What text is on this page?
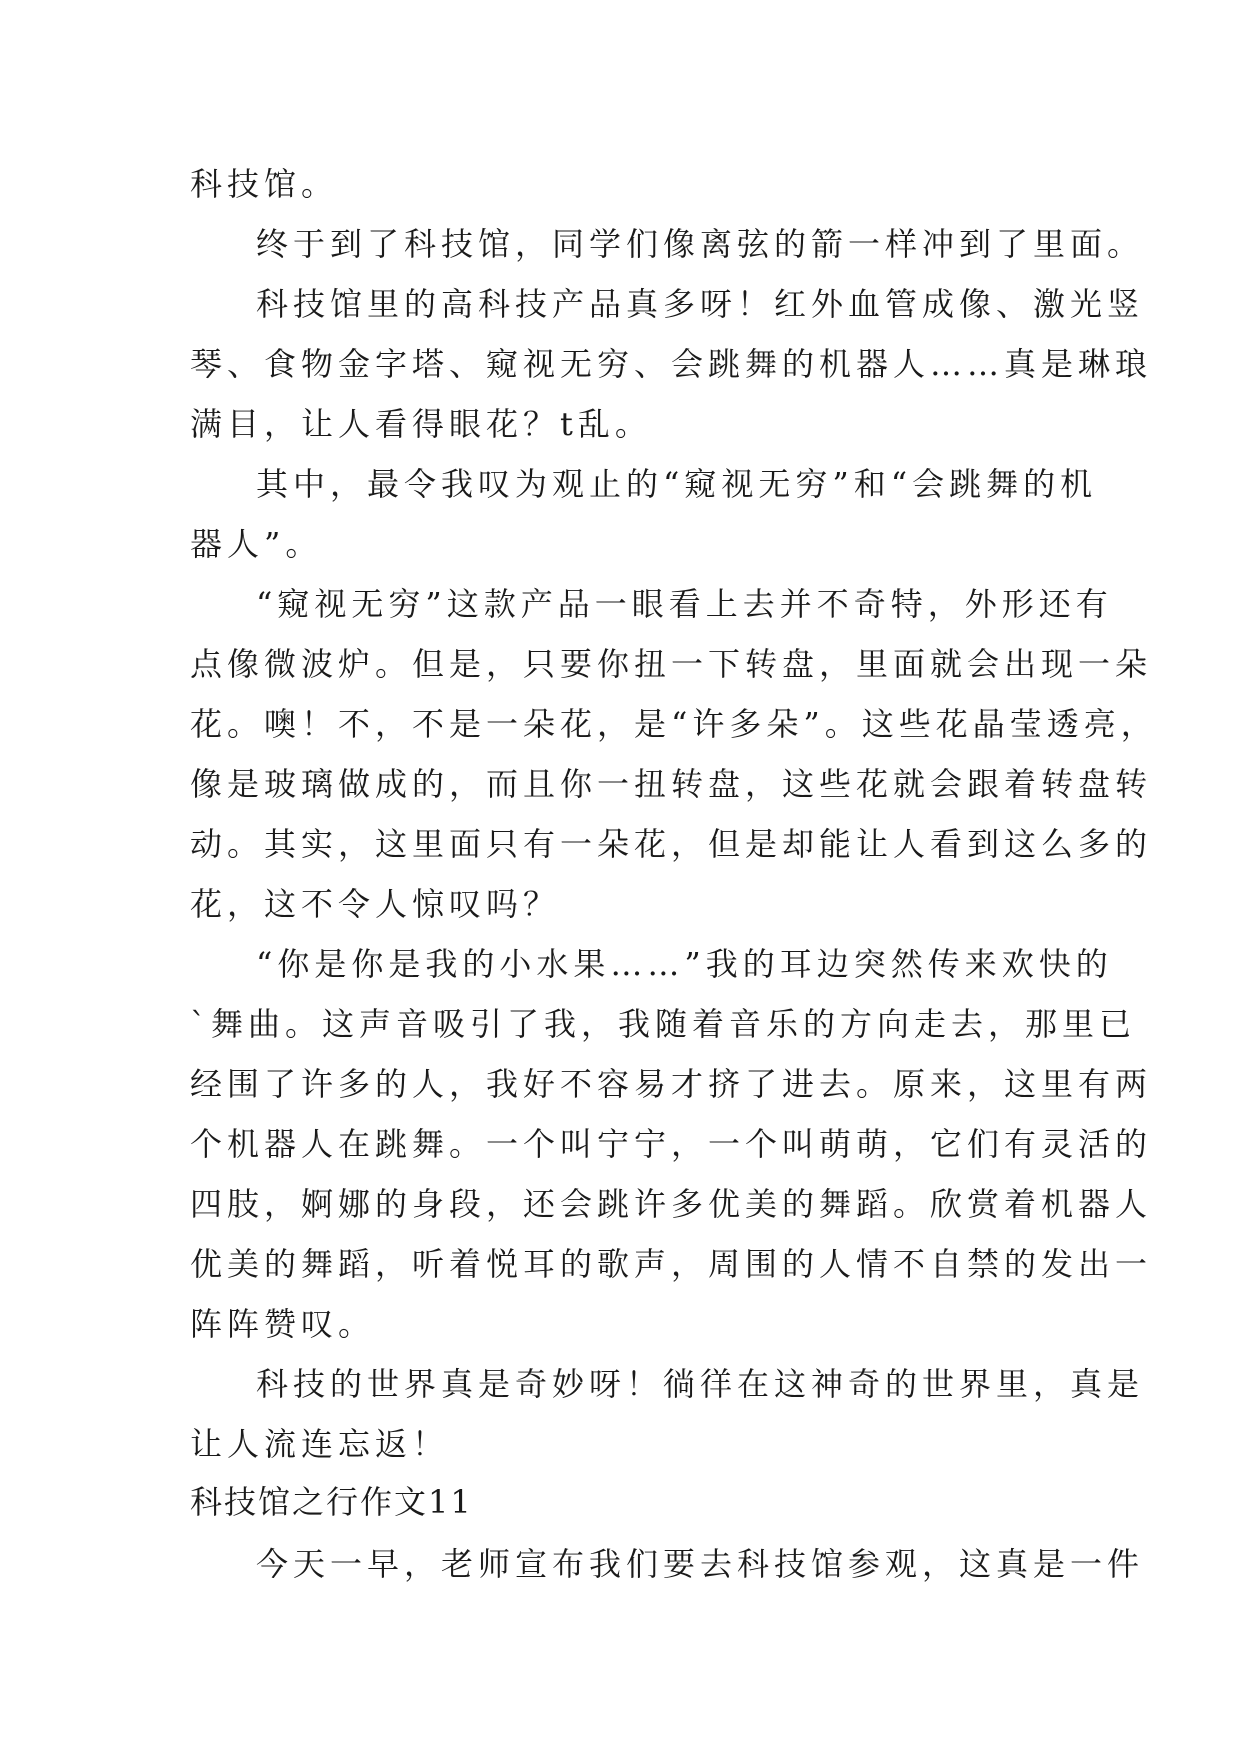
科技馆。
终于到了科技馆，同学们像离弦的箭一样冲到了里面。
科技馆里的高科技产品真多呀！红外血管成像、激光竖
琴、食物金字塔、窥视无穷、会跳舞的机器人……真是琳琅
满目，让人看得眼花？t乱。
其中，最令我叹为观止的“窥视无穷”和“会跳舞的机
器人”。
“窥视无穷”这款产品一眼看上去并不奇特，外形还有
点像微波炉。但是，只要你扭一下转盘，里面就会出现一朵
花。噢！不，不是一朵花，是“许多朵”。这些花晶莹透亮，
像是玻璃做成的，而且你一扭转盘，这些花就会跟着转盘转
动。其实，这里面只有一朵花，但是却能让人看到这么多的
花，这不令人惊叹吗？
“你是你是我的小水果……”我的耳边突然传来欢快的
`舞曲。这声音吸引了我，我随着音乐的方向走去，那里已
经围了许多的人，我好不容易才挤了进去。原来，这里有两
个机器人在跳舞。一个叫宁宁，一个叫萌萌，它们有灵活的
四肢，婀娜的身段，还会跳许多优美的舞蹈。欣赏着机器人
优美的舞蹈，听着悦耳的歌声，周围的人情不自禁的发出一
阵阵赞叹。
科技的世界真是奇妙呀！徜徉在这神奇的世界里，真是
让人流连忘返！
科技馆之行作文11
今天一早，老师宣布我们要去科技馆参观，这真是一件
